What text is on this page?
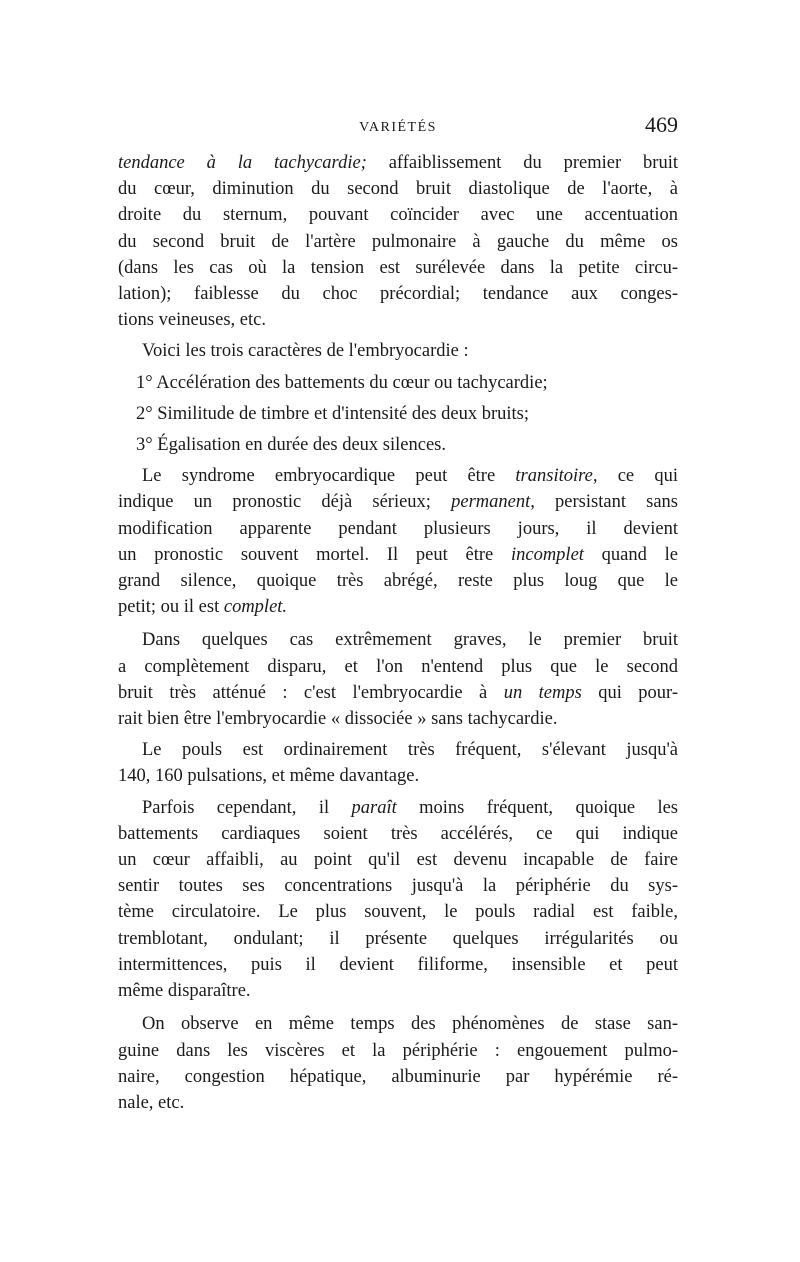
VARIÉTÉS	469
tendance à la tachycardie; affaiblissement du premier bruit
du cœur, diminution du second bruit diastolique de l'aorte, à
droite du sternum, pouvant coïncider avec une accentuation
du second bruit de l'artère pulmonaire à gauche du même os
(dans les cas où la tension est surélevée dans la petite circu-
lation); faiblesse du choc précordial; tendance aux conges-
tions veineuses, etc.
Voici les trois caractères de l'embryocardie :
1° Accélération des battements du cœur ou tachycardie;
2° Similitude de timbre et d'intensité des deux bruits;
3° Égalisation en durée des deux silences.
Le syndrome embryocardique peut être transitoire, ce qui
indique un pronostic déjà sérieux; permanent, persistant sans
modification apparente pendant plusieurs jours, il devient
un pronostic souvent mortel. Il peut être incomplet quand le
grand silence, quoique très abrégé, reste plus loug que le
petit; ou il est complet.
Dans quelques cas extrêmement graves, le premier bruit
a complètement disparu, et l'on n'entend plus que le second
bruit très atténué : c'est l'embryocardie à un temps qui pour-
rait bien être l'embryocardie « dissociée » sans tachycardie.
Le pouls est ordinairement très fréquent, s'élevant jusqu'à
140, 160 pulsations, et même davantage.
Parfois cependant, il paraît moins fréquent, quoique les
battements cardiaques soient très accélérés, ce qui indique
un cœur affaibli, au point qu'il est devenu incapable de faire
sentir toutes ses concentrations jusqu'à la périphérie du sys-
tème circulatoire. Le plus souvent, le pouls radial est faible,
tremblotant, ondulant; il présente quelques irrégularités ou
intermittences, puis il devient filiforme, insensible et peut
même disparaître.
On observe en même temps des phénomènes de stase san-
guine dans les viscères et la périphérie : engouement pulmo-
naire, congestion hépatique, albuminurie par hypérémie ré-
nale, etc.
